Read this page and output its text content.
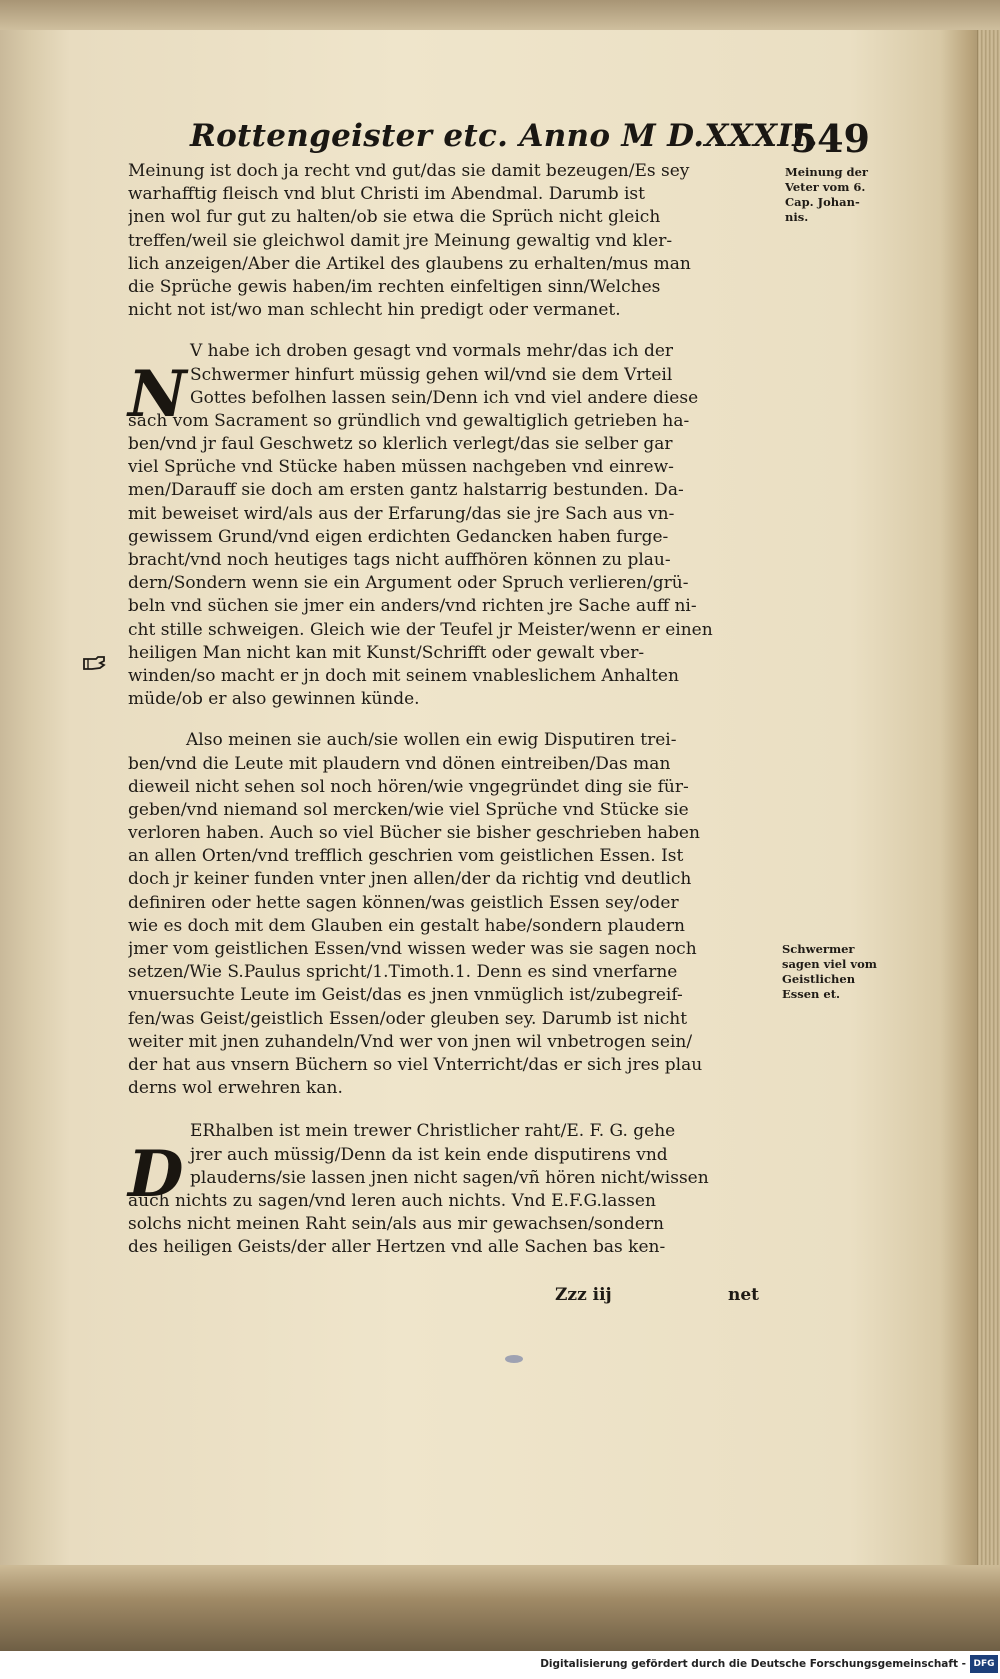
Rottengeister etc. Anno M D.XXXII.
549
Meinung ist doch ja recht vnd gut/das sie damit bezeugen/Es sey
warhafftig fleisch vnd blut Christi im Abendmal. Darumb ist
jnen wol fur gut zu halten/ob sie etwa die Sprüch nicht gleich
treffen/weil sie gleichwol damit jre Meinung gewaltig vnd kler-
lich anzeigen/Aber die Artikel des glaubens zu erhalten/mus man
die Sprüche gewis haben/im rechten einfeltigen sinn/Welches
nicht not ist/wo man schlecht hin predigt oder vermanet.
V habe ich droben gesagt vnd vormals mehr/das ich der
Schwermer hinfurt müssig gehen wil/vnd sie dem Vrteil
Gottes befolhen lassen sein/Denn ich vnd viel andere diese
sach vom Sacrament so gründlich vnd gewaltiglich getrieben ha-
ben/vnd jr faul Geschwetz so klerlich verlegt/das sie selber gar
viel Sprüche vnd Stücke haben müssen nachgeben vnd einrew-
men/Darauff sie doch am ersten gantz halstarrig bestunden. Da-
mit beweiset wird/als aus der Erfarung/das sie jre Sach aus vn-
gewissem Grund/vnd eigen erdichten Gedancken haben furge-
bracht/vnd noch heutiges tags nicht auffhören können zu plau-
dern/Sondern wenn sie ein Argument oder Spruch verlieren/grü-
beln vnd süchen sie jmer ein anders/vnd richten jre Sache auff ni-
cht stille schweigen. Gleich wie der Teufel jr Meister/wenn er einen
heiligen Man nicht kan mit Kunst/Schrifft oder gewalt vber-
winden/so macht er jn doch mit seinem vnableslichem Anhalten
müde/ob er also gewinnen künde.
Also meinen sie auch/sie wollen ein ewig Disputiren trei-
ben/vnd die Leute mit plaudern vnd dönen eintreiben/Das man
dieweil nicht sehen sol noch hören/wie vngegründet ding sie für-
geben/vnd niemand sol mercken/wie viel Sprüche vnd Stücke sie
verloren haben. Auch so viel Bücher sie bisher geschrieben haben
an allen Orten/vnd trefflich geschrien vom geistlichen Essen. Ist
doch jr keiner funden vnter jnen allen/der da richtig vnd deutlich
definiren oder hette sagen können/was geistlich Essen sey/oder
wie es doch mit dem Glauben ein gestalt habe/sondern plaudern
jmer vom geistlichen Essen/vnd wissen weder was sie sagen noch
setzen/Wie S.Paulus spricht/1.Timoth.1. Denn es sind vnerfarne
vnuersuchte Leute im Geist/das es jnen vnmüglich ist/zubegreif-
fen/was Geist/geistlich Essen/oder gleuben sey. Darumb ist nicht
weiter mit jnen zuhandeln/Vnd wer von jnen wil vnbetrogen sein/
der hat aus vnsern Büchern so viel Vnterricht/das er sich jres plau
derns wol erwehren kan.
ERhalben ist mein trewer Christlicher raht/E. F. G. gehe
jrer auch müssig/Denn da ist kein ende disputirens vnd
plauderns/sie lassen jnen nicht sagen/vñ hören nicht/wissen
auch nichts zu sagen/vnd leren auch nichts. Vnd E.F.G.lassen
solchs nicht meinen Raht sein/als aus mir gewachsen/sondern
des heiligen Geists/der aller Hertzen vnd alle Sachen bas ken-
N
D
Meinung der
Veter vom 6.
Cap. Johan-
nis.
Schwermer
sagen viel vom
Geistlichen
Essen et.
Zzz iij	net
Digitalisierung gefördert durch die Deutsche Forschungsgemeinschaft - DFG
